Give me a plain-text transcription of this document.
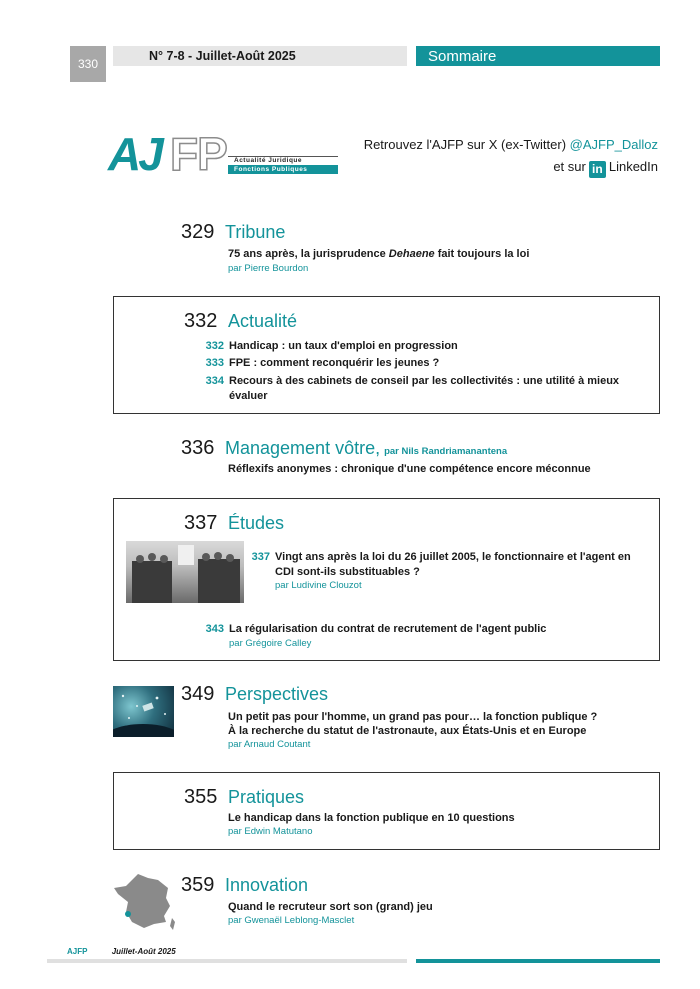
330
N° 7-8 - Juillet-Août 2025	Sommaire
AJ FP	Actualité Juridique
Fonctions Publiques
Retrouvez l'AJFP sur X (ex-Twitter) @AJFP_Dalloz
et sur in LinkedIn
329 Tribune
75 ans après, la jurisprudence Dehaene fait toujours la loi
par Pierre Bourdon
332 Actualité
332 Handicap : un taux d'emploi en progression
333 FPE : comment reconquérir les jeunes ?
334 Recours à des cabinets de conseil par les collectivités : une utilité à mieux évaluer
336 Management vôtre, par Nils Randriamanantena
Réflexifs anonymes : chronique d'une compétence encore méconnue
337 Études
337 Vingt ans après la loi du 26 juillet 2005, le fonctionnaire et l'agent en CDI sont-ils substituables ?
par Ludivine Clouzot
343 La régularisation du contrat de recrutement de l'agent public
par Grégoire Calley
349 Perspectives
Un petit pas pour l'homme, un grand pas pour… la fonction publique ?
À la recherche du statut de l'astronaute, aux États-Unis et en Europe
par Arnaud Coutant
355 Pratiques
Le handicap dans la fonction publique en 10 questions
par Edwin Matutano
359 Innovation
Quand le recruteur sort son (grand) jeu
par Gwenaël Leblong-Masclet
AJFP	Juillet-Août 2025
